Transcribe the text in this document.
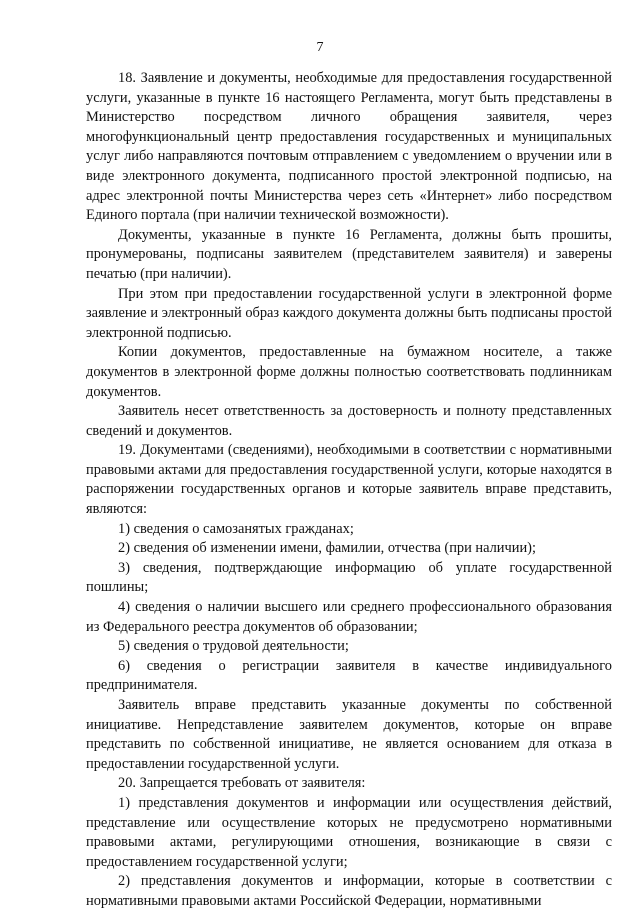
7

18. Заявление и документы, необходимые для предоставления государственной услуги, указанные в пункте 16 настоящего Регламента, могут быть представлены в Министерство посредством личного обращения заявителя, через многофункциональный центр предоставления государственных и муниципальных услуг либо направляются почтовым отправлением с уведомлением о вручении или в виде электронного документа, подписанного простой электронной подписью, на адрес электронной почты Министерства через сеть «Интернет» либо посредством Единого портала (при наличии технической возможности).

Документы, указанные в пункте 16 Регламента, должны быть прошиты, пронумерованы, подписаны заявителем (представителем заявителя) и заверены печатью (при наличии).

При этом при предоставлении государственной услуги в электронной форме заявление и электронный образ каждого документа должны быть подписаны простой электронной подписью.

Копии документов, предоставленные на бумажном носителе, а также документов в электронной форме должны полностью соответствовать подлинникам документов.

Заявитель несет ответственность за достоверность и полноту представленных сведений и документов.

19. Документами (сведениями), необходимыми в соответствии с нормативными правовыми актами для предоставления государственной услуги, которые находятся в распоряжении государственных органов и которые заявитель вправе представить, являются:

1) сведения о самозанятых гражданах;

2) сведения об изменении имени, фамилии, отчества (при наличии);

3) сведения, подтверждающие информацию об уплате государственной пошлины;

4) сведения о наличии высшего или среднего профессионального образования из Федерального реестра документов об образовании;

5) сведения о трудовой деятельности;

6) сведения о регистрации заявителя в качестве индивидуального предпринимателя.

Заявитель вправе представить указанные документы по собственной инициативе. Непредставление заявителем документов, которые он вправе представить по собственной инициативе, не является основанием для отказа в предоставлении государственной услуги.

20. Запрещается требовать от заявителя:

1) представления документов и информации или осуществления действий, представление или осуществление которых не предусмотрено нормативными правовыми актами, регулирующими отношения, возникающие в связи с предоставлением государственной услуги;

2) представления документов и информации, которые в соответствии с нормативными правовыми актами Российской Федерации, нормативными
